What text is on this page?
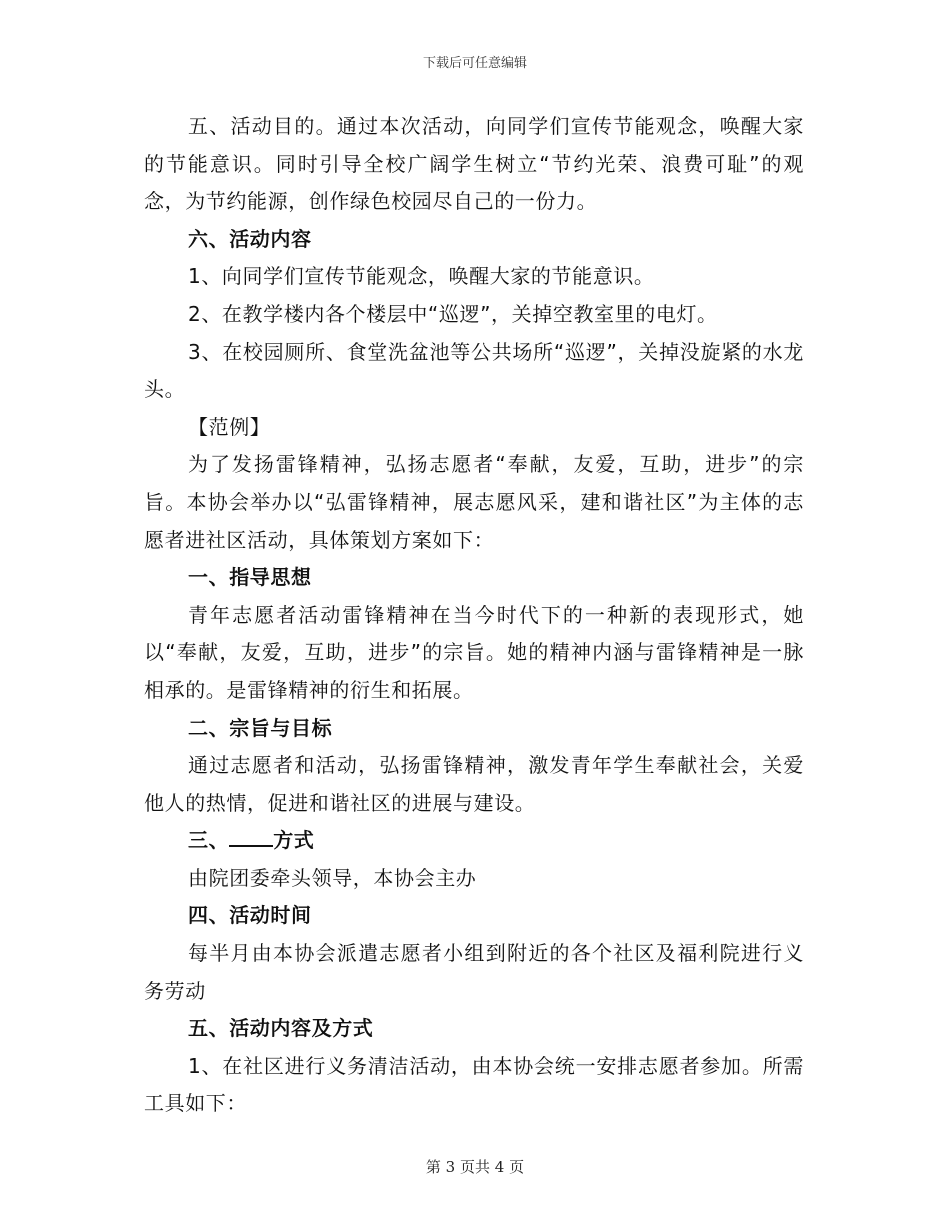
下载后可任意编辑

五、活动目的。通过本次活动，向同学们宣传节能观念，唤醒大家的节能意识。同时引导全校广阔学生树立“节约光荣、浪费可耻”的观念，为节约能源，创作绿色校园尽自己的一份力。

六、活动内容

1、向同学们宣传节能观念，唤醒大家的节能意识。

2、在教学楼内各个楼层中“巡逻”，关掉空教室里的电灯。

3、在校园厕所、食堂洗盆池等公共场所“巡逻”，关掉没旋紧的水龙头。

【范例】

为了发扬雷锋精神，弘扬志愿者“奉献，友爱，互助，进步”的宗旨。本协会举办以“弘雷锋精神，展志愿风采，建和谐社区”为主体的志愿者进社区活动，具体策划方案如下：

一、指导思想

青年志愿者活动雷锋精神在当今时代下的一种新的表现形式，她以“奉献，友爱，互助，进步”的宗旨。她的精神内涵与雷锋精神是一脉相承的。是雷锋精神的衍生和拓展。

二、宗旨与目标

通过志愿者和活动，弘扬雷锋精神，激发青年学生奉献社会，关爱他人的热情，促进和谐社区的进展与建设。

三、 方式

由院团委牵头领导，本协会主办

四、活动时间

每半月由本协会派遣志愿者小组到附近的各个社区及福利院进行义务劳动

五、活动内容及方式

1、在社区进行义务清洁活动，由本协会统一安排志愿者参加。所需工具如下：

第 3 页共 4 页
